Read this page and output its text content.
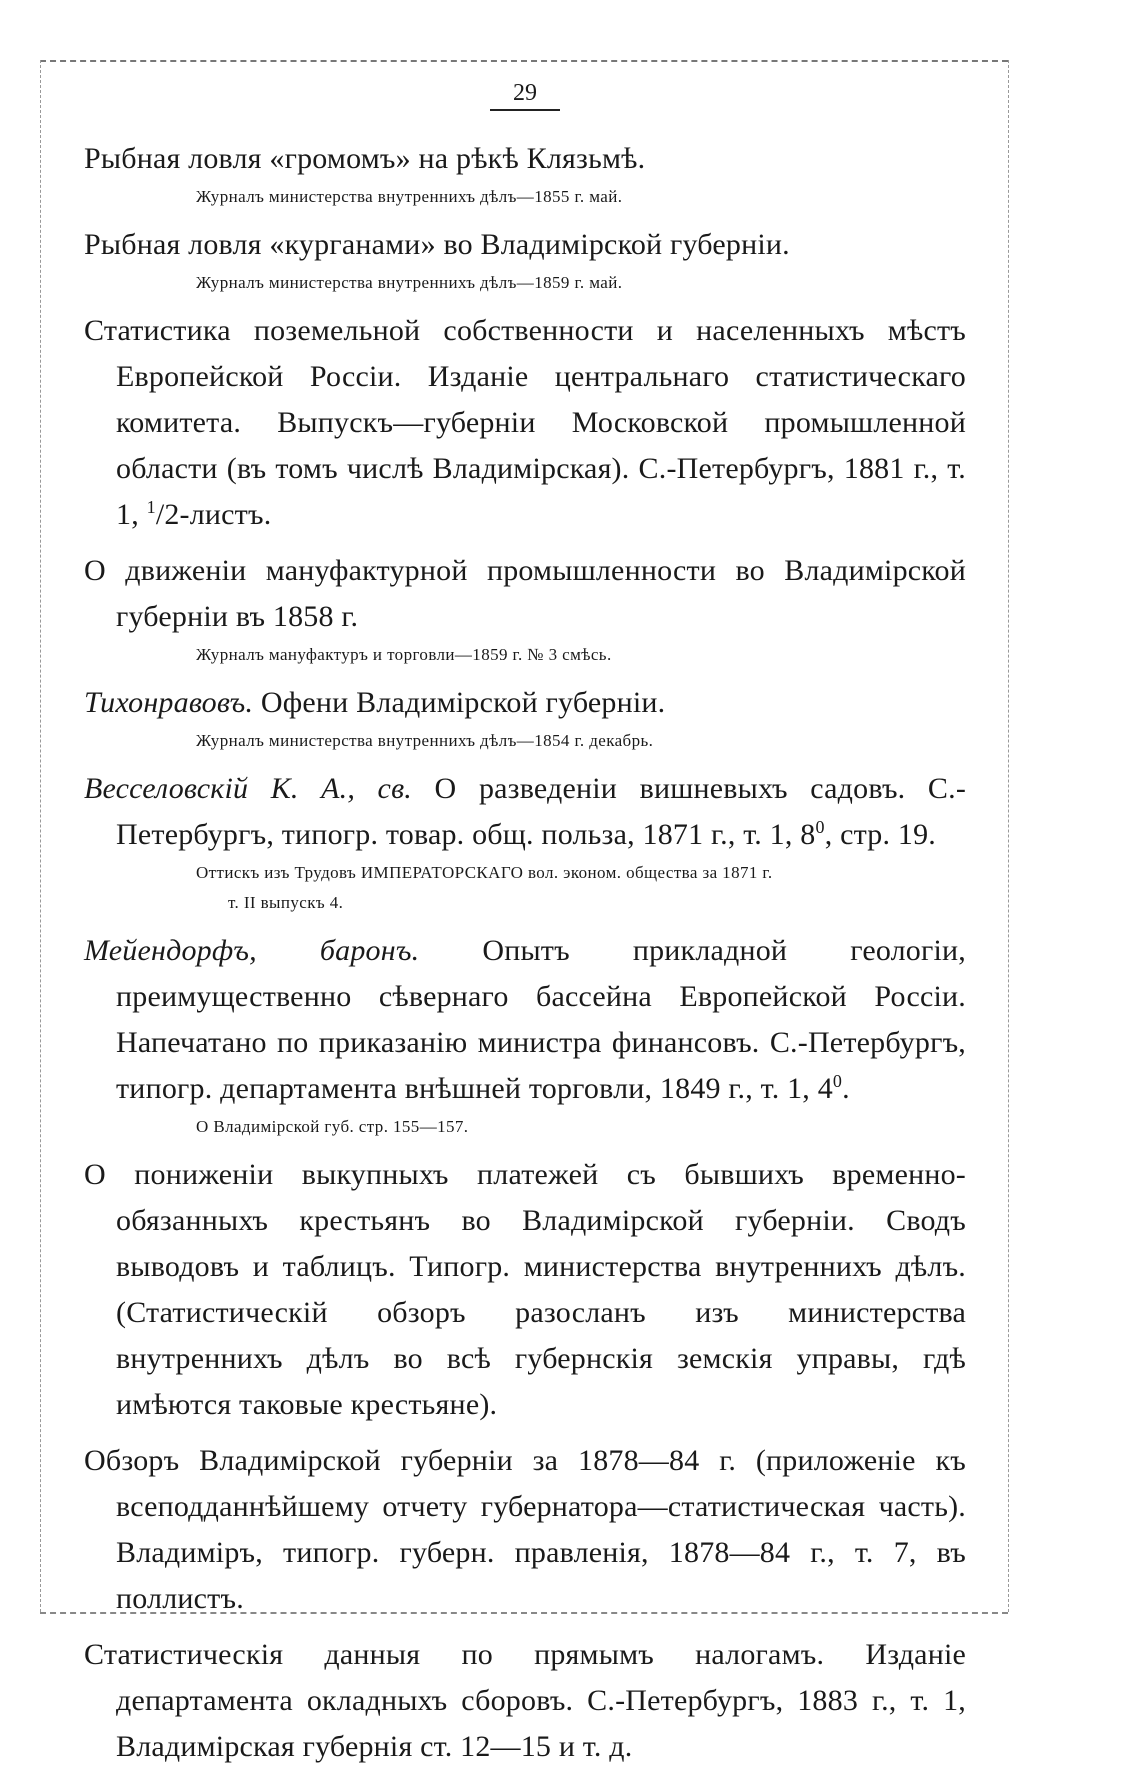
29
Рыбная ловля «громомъ» на рѣкѣ Клязьмѣ.
Журналъ министерства внутреннихъ дѣлъ—1855 г. май.
Рыбная ловля «курганами» во Владимірской губерніи.
Журналъ министерства внутреннихъ дѣлъ—1859 г. май.
Статистика поземельной собственности и населенныхъ мѣстъ Европейской Россіи. Изданіе центральнаго статистическаго комитета. Выпускъ—губерніи Московской промышленной области (въ томъ числѣ Владимірская). С.-Петербургъ, 1881 г., т. 1, $^1$/2-листъ.
О движеніи мануфактурной промышленности во Владимірской губерніи въ 1858 г.
Журналъ мануфактуръ и торговли—1859 г. № 3 смѣсь.
Тихонравовъ. Офени Владимірской губерніи.
Журналъ министерства внутреннихъ дѣлъ—1854 г. декабрь.
Весселовскій К. А., св. О разведеніи вишневыхъ садовъ. С.-Петербургъ, типогр. товар. общ. польза, 1871 г., т. 1, $8^0$, стр. 19.
Оттискъ изъ Трудовъ ИМПЕРАТОРСКАГО вол. эконом. общества за 1871 г.
т. II выпускъ 4.
Мейендорфъ, баронъ. Опытъ прикладной геологіи, преимущественно сѣвернаго бассейна Европейской Россіи. Напечатано по приказанію министра финансовъ. С.-Петербургъ, типогр. департамента внѣшней торговли, 1849 г., т. 1, $4^0$.
О Владимірской губ. стр. 155—157.
О пониженіи выкупныхъ платежей съ бывшихъ временно-обязанныхъ крестьянъ во Владимірской губерніи. Сводъ выводовъ и таблицъ. Типогр. министерства внутреннихъ дѣлъ. (Статистическій обзоръ разосланъ изъ министерства внутреннихъ дѣлъ во всѣ губернскія земскія управы, гдѣ имѣются таковые крестьяне).
Обзоръ Владимірской губерніи за 1878—84 г. (приложеніе къ всеподданнѣйшему отчету губернатора—статистическая часть). Владиміръ, типогр. губерн. правленія, 1878—84 г., т. 7, въ поллистъ.
Статистическія данныя по прямымъ налогамъ. Изданіе департамента окладныхъ сборовъ. С.-Петербургъ, 1883 г., т. 1, Владимірская губернія ст. 12—15 и т. д.
